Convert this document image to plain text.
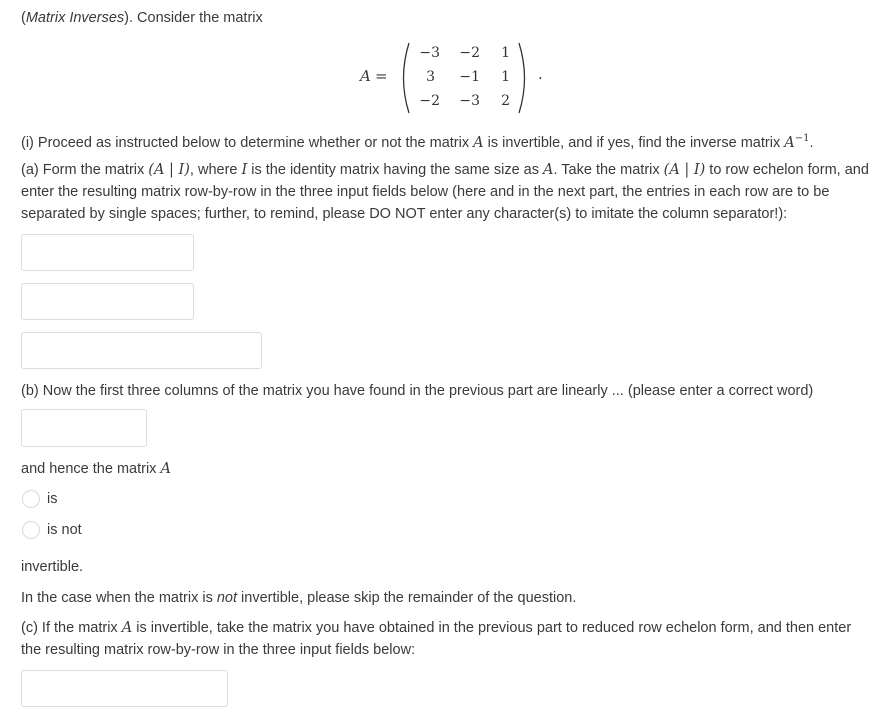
(Matrix Inverses). Consider the matrix
A =
−3	−2	1
3	−1	1
−2	−3	2
.
(i) Proceed as instructed below to determine whether or not the matrix A is invertible, and if yes, find the inverse matrix $A^{-1}$.
(a) Form the matrix (A | I), where I is the identity matrix having the same size as A. Take the matrix (A | I) to row echelon form, and enter the resulting matrix row-by-row in the three input fields below (here and in the next part, the entries in each row are to be separated by single spaces; further, to remind, please DO NOT enter any character(s) to imitate the column separator!):
(b) Now the first three columns of the matrix you have found in the previous part are linearly ... (please enter a correct word)
and hence the matrix A
is
is not
invertible.
In the case when the matrix is not invertible, please skip the remainder of the question.
(c) If the matrix A is invertible, take the matrix you have obtained in the previous part to reduced row echelon form, and then enter the resulting matrix row-by-row in the three input fields below:
